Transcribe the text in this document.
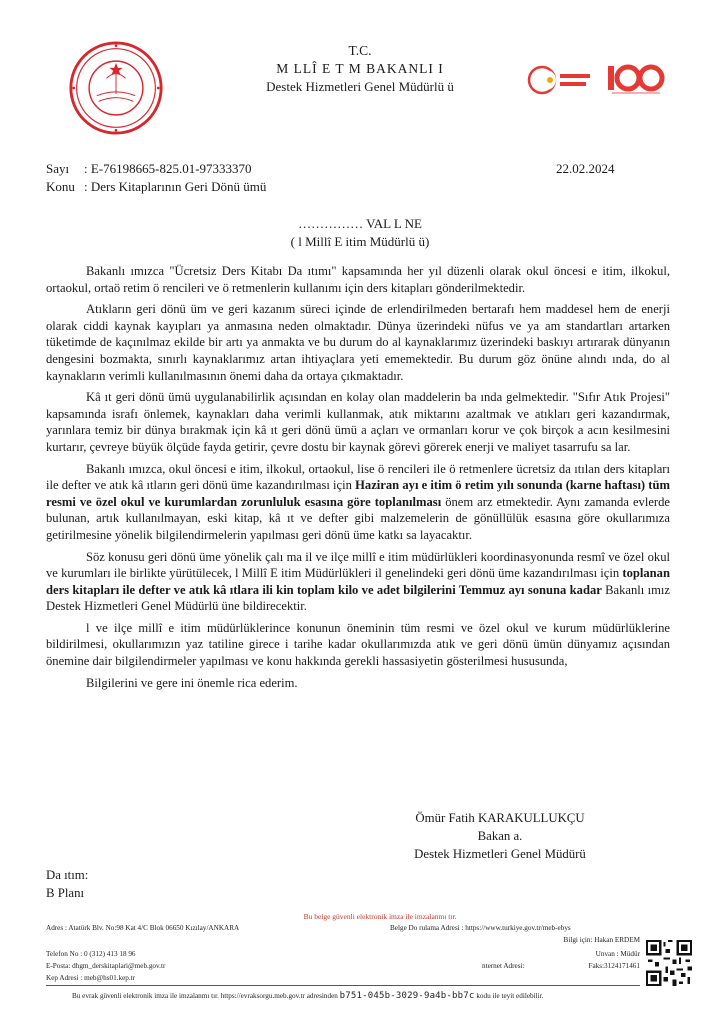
T.C.
M LLÎ E T M BAKANLI I
Destek Hizmetleri Genel Müdürlü ü
Sayı : E-76198665-825.01-97333370
Konu : Ders Kitaplarının Geri Dönü ümü
22.02.2024
…………… VAL L NE
( l Millî E itim Müdürlü ü)

Bakanlı ımızca "Ücretsiz Ders Kitabı Da ıtımı" kapsamında her yıl düzenli olarak okul öncesi e itim, ilkokul, ortaokul, ortaö retim ö rencileri ve ö retmenlerin kullanımı için ders kitapları gönderilmektedir.

Atıkların geri dönü üm ve geri kazanım süreci içinde de erlendirilmeden bertarafı hem maddesel hem de enerji olarak ciddi kaynak kayıpları ya anmasına neden olmaktadır. Dünya üzerindeki nüfus ve ya am standartları artarken tüketimde de kaçınılmaz ekilde bir artı ya anmakta ve bu durum do al kaynaklarımız üzerindeki baskıyı artırarak dünyanın dengesini bozmakta, sınırlı kaynaklarımız artan ihtiyaçlara yeti ememektedir. Bu durum göz önüne alındı ında, do al kaynakların verimli kullanılmasının önemi daha da ortaya çıkmaktadır.

Kâ ıt geri dönü ümü uygulanabilirlik açısından en kolay olan maddelerin ba ında gelmektedir. "Sıfır Atık Projesi" kapsamında israfı önlemek, kaynakları daha verimli kullanmak, atık miktarını azaltmak ve atıkları geri kazandırmak, yarınlara temiz bir dünya bırakmak için kâ ıt geri dönü ümü a açları ve ormanları korur ve çok birçok a acın kesilmesini kurtarır, çevreye büyük ölçüde fayda getirir, çevre dostu bir kaynak görevi görerek enerji ve maliyet tasarrufu sa lar.

Bakanlı ımızca, okul öncesi e itim, ilkokul, ortaokul, lise ö rencileri ile ö retmenlere ücretsiz da ıtılan ders kitapları ile defter ve atık kâ ıtların geri dönü üme kazandırılması için Haziran ayı e itim ö retim yılı sonunda (karne haftası) tüm resmi ve özel okul ve kurumlardan zorunluluk esasına göre toplanılması önem arz etmektedir. Aynı zamanda evlerde bulunan, artık kullanılmayan, eski kitap, kâ ıt ve defter gibi malzemelerin de gönüllülük esasına göre okullarımıza getirilmesine yönelik bilgilendirmelerin yapılması geri dönü üme katkı sa layacaktır.

Söz konusu geri dönü üme yönelik çalı ma il ve ilçe millî e itim müdürlükleri koordinasyonunda resmî ve özel okul ve kurumları ile birlikte yürütülecek, l Millî E itim Müdürlükleri il genelindeki geri dönü üme kazandırılması için toplanan ders kitapları ile defter ve atık kâ ıtlara ili kin toplam kilo ve adet bilgilerini Temmuz ayı sonuna kadar Bakanlı ımız Destek Hizmetleri Genel Müdürlü üne bildirecektir.

l ve ilçe millî e itim müdürlüklerince konunun öneminin tüm resmi ve özel okul ve kurum müdürlüklerine bildirilmesi, okullarımızın yaz tatiline girece i tarihe kadar okullarımızda atık ve geri dönü ümün dünyamız açısından önemine dair bilgilendirmeler yapılması ve konu hakkında gerekli hassasiyetin gösterilmesi hususunda,

Bilgilerini ve gere ini önemle rica ederim.

Ömür Fatih KARAKULLUKÇU
Bakan a.
Destek Hizmetleri Genel Müdürü
Da ıtım:
B Planı
Bu belge güvenli elektronik imza ile imzalanmı tır.
Adres : Atatürk Blv. No:98 Kat 4/C Blok 06650 Kızılay/ANKARA	Belge Do rulama Adresi : https://www.turkiye.gov.tr/meb-ebys
Bilgi için: Hakan ERDEM
Telefon No : 0 (312) 413 18 96	Unvan : Müdür
E-Posta: dhgm_derskitaplari@meb.gov.tr	nternet Adresi:	Faks:3124171461
Kep Adresi : meb@hs01.kep.tr
Bu evrak güvenli elektronik imza ile imzalanmı tır. https://evraksorgu.meb.gov.tr adresinden b751-045b-3029-9a4b-bb7c kodu ile teyit edilebilir.
